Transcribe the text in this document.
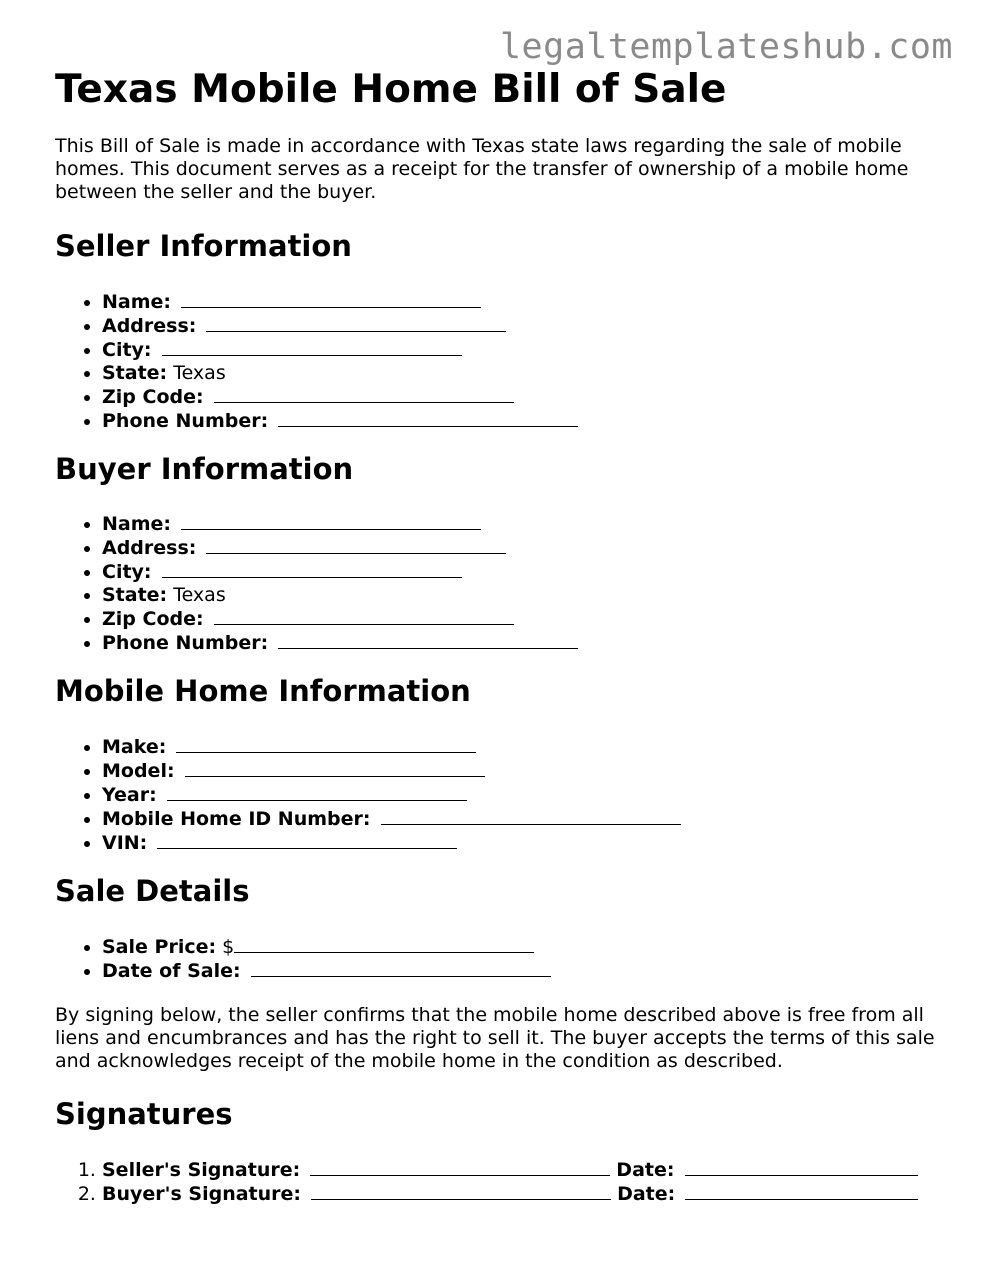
legaltemplateshub.com
Texas Mobile Home Bill of Sale

This Bill of Sale is made in accordance with Texas state laws regarding the sale of mobile homes. This document serves as a receipt for the transfer of ownership of a mobile home between the seller and the buyer.

Seller Information
• Name:
• Address:
• City:
• State: Texas
• Zip Code:
• Phone Number:
Buyer Information
• Name:
• Address:
• City:
• State: Texas
• Zip Code:
• Phone Number:
Mobile Home Information
• Make:
• Model:
• Year:
• Mobile Home ID Number:
• VIN:
Sale Details
• Sale Price: $
• Date of Sale:

By signing below, the seller confirms that the mobile home described above is free from all liens and encumbrances and has the right to sell it. The buyer accepts the terms of this sale and acknowledges receipt of the mobile home in the condition as described.

Signatures
1. Seller's Signature:	Date:
2. Buyer's Signature:	Date:
